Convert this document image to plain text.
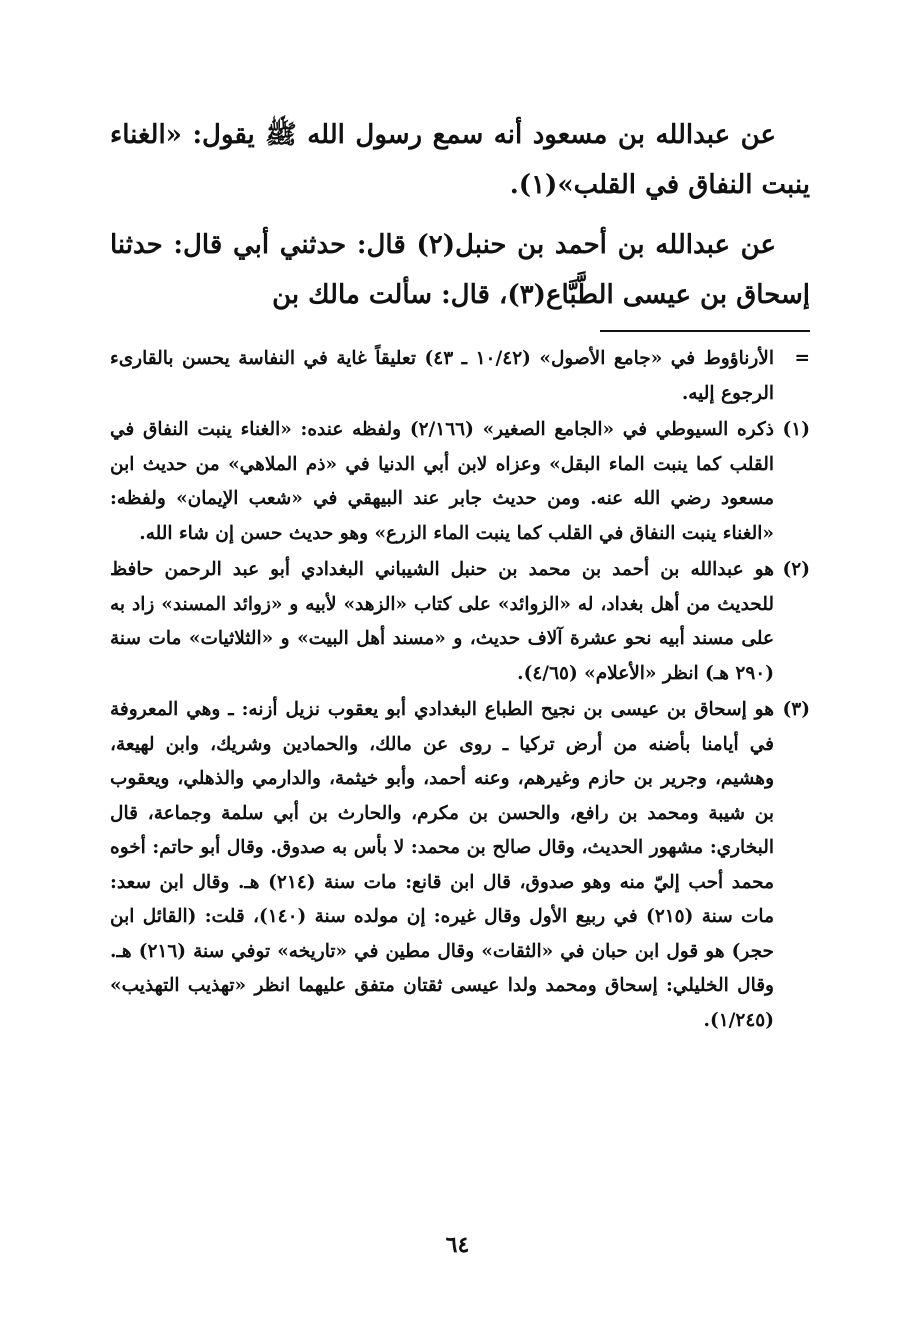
عن عبدالله بن مسعود أنه سمع رسول الله ﷺ يقول: «الغناء ينبت النفاق في القلب»(١).

عن عبدالله بن أحمد بن حنبل(٢) قال: حدثني أبي قال: حدثنا إسحاق بن عيسى الطَّبَّاع(٣)، قال: سألت مالك بن

=
الأرناؤوط في «جامع الأصول» (١٠/٤٢ ـ ٤٣) تعليقاً غاية في النفاسة يحسن بالقارىء الرجوع إليه.
(١)
ذكره السيوطي في «الجامع الصغير» (٢/١٦٦) ولفظه عنده: «الغناء ينبت النفاق في القلب كما ينبت الماء البقل» وعزاه لابن أبي الدنيا في «ذم الملاهي» من حديث ابن مسعود رضي الله عنه. ومن حديث جابر عند البيهقي في «شعب الإيمان» ولفظه: «الغناء ينبت النفاق في القلب كما ينبت الماء الزرع» وهو حديث حسن إن شاء الله.
(٢)
هو عبدالله بن أحمد بن محمد بن حنبل الشيباني البغدادي أبو عبد الرحمن حافظ للحديث من أهل بغداد، له «الزوائد» على كتاب «الزهد» لأبيه و «زوائد المسند» زاد به على مسند أبيه نحو عشرة آلاف حديث، و «مسند أهل البيت» و «الثلاثيات» مات سنة (٢٩٠ هـ) انظر «الأعلام» (٤/٦٥).
(٣)
هو إسحاق بن عيسى بن نجيح الطباع البغدادي أبو يعقوب نزيل أزنه: ـ وهي المعروفة في أيامنا بأضنه من أرض تركيا ـ روى عن مالك، والحمادين وشريك، وابن لهيعة، وهشيم، وجرير بن حازم وغيرهم، وعنه أحمد، وأبو خيثمة، والدارمي والذهلي، ويعقوب بن شيبة ومحمد بن رافع، والحسن بن مكرم، والحارث بن أبي سلمة وجماعة، قال البخاري: مشهور الحديث، وقال صالح بن محمد: لا بأس به صدوق. وقال أبو حاتم: أخوه محمد أحب إليّ منه وهو صدوق، قال ابن قانع: مات سنة (٢١٤) هـ. وقال ابن سعد: مات سنة (٢١٥) في ربيع الأول وقال غيره: إن مولده سنة (١٤٠)، قلت: (القائل ابن حجر) هو قول ابن حبان في «الثقات» وقال مطين في «تاريخه» توفي سنة (٢١٦) هـ. وقال الخليلي: إسحاق ومحمد ولدا عيسى ثقتان متفق عليهما انظر «تهذيب التهذيب» (١/٢٤٥).
٦٤
